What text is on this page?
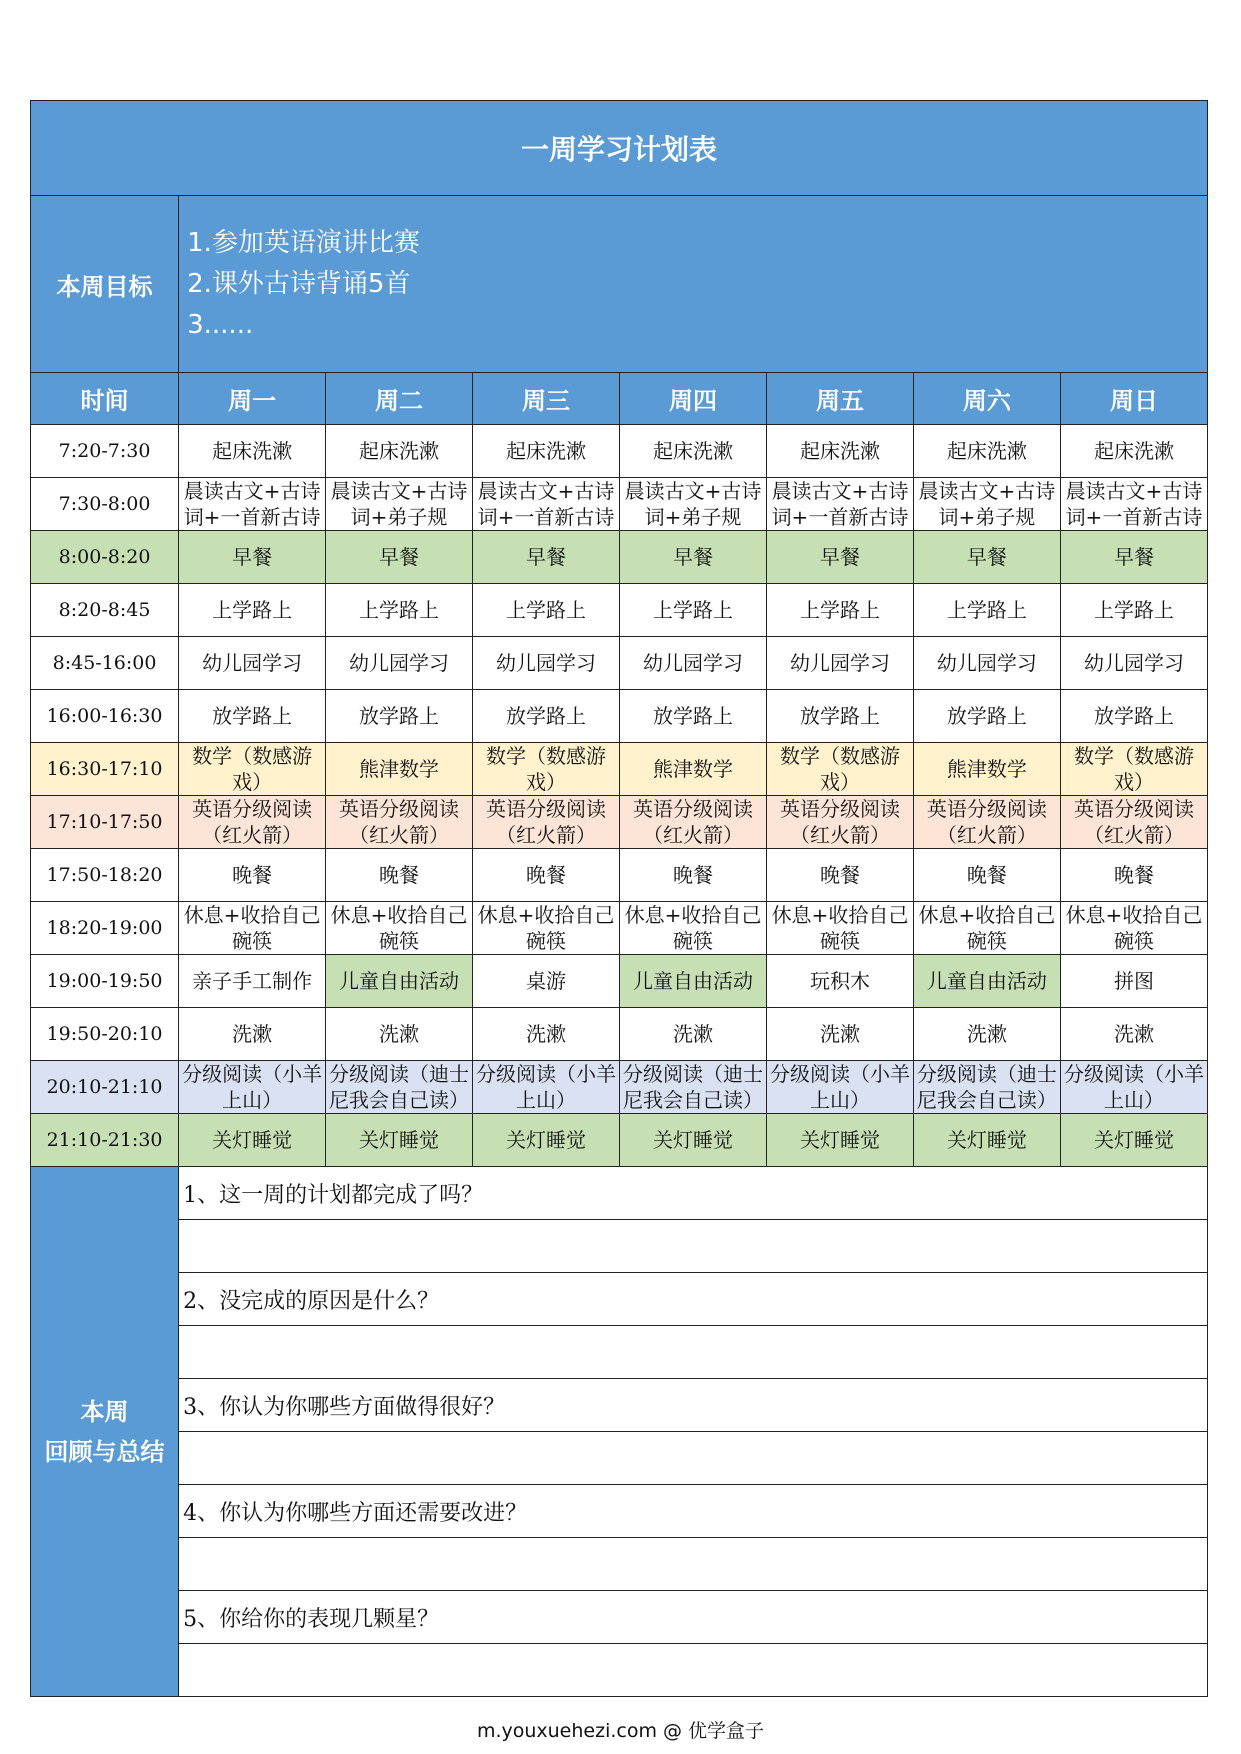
一周学习计划表							
本周目标	1.参加英语演讲比赛
2.课外古诗背诵5首
3......						

时间	周一	周二	周三	周四	周五	周六	周日
7:20-7:30	起床洗漱	起床洗漱	起床洗漱	起床洗漱	起床洗漱	起床洗漱	起床洗漱
7:30-8:00	晨读古文+古诗词+一首新古诗	晨读古文+古诗词+弟子规	晨读古文+古诗词+一首新古诗	晨读古文+古诗词+弟子规	晨读古文+古诗词+一首新古诗	晨读古文+古诗词+弟子规	晨读古文+古诗词+一首新古诗
8:00-8:20	早餐	早餐	早餐	早餐	早餐	早餐	早餐
8:20-8:45	上学路上	上学路上	上学路上	上学路上	上学路上	上学路上	上学路上
8:45-16:00	幼儿园学习	幼儿园学习	幼儿园学习	幼儿园学习	幼儿园学习	幼儿园学习	幼儿园学习
16:00-16:30	放学路上	放学路上	放学路上	放学路上	放学路上	放学路上	放学路上
16:30-17:10	数学（数感游戏）	熊津数学	数学（数感游戏）	熊津数学	数学（数感游戏）	熊津数学	数学（数感游戏）
17:10-17:50	英语分级阅读（红火箭）	英语分级阅读（红火箭）	英语分级阅读（红火箭）	英语分级阅读（红火箭）	英语分级阅读（红火箭）	英语分级阅读（红火箭）	英语分级阅读（红火箭）
17:50-18:20	晚餐	晚餐	晚餐	晚餐	晚餐	晚餐	晚餐
18:20-19:00	休息+收拾自己碗筷	休息+收拾自己碗筷	休息+收拾自己碗筷	休息+收拾自己碗筷	休息+收拾自己碗筷	休息+收拾自己碗筷	休息+收拾自己碗筷
19:00-19:50	亲子手工制作	儿童自由活动	桌游	儿童自由活动	玩积木	儿童自由活动	拼图
19:50-20:10	洗漱	洗漱	洗漱	洗漱	洗漱	洗漱	洗漱
20:10-21:10	分级阅读（小羊上山）	分级阅读（迪士尼我会自己读）	分级阅读（小羊上山）	分级阅读（迪士尼我会自己读）	分级阅读（小羊上山）	分级阅读（迪士尼我会自己读）	分级阅读（小羊上山）
21:10-21:30	关灯睡觉	关灯睡觉	关灯睡觉	关灯睡觉	关灯睡觉	关灯睡觉	关灯睡觉

本周
回顾与总结	1、这一周的计划都完成了吗？						

	2、没完成的原因是什么？						

	3、你认为你哪些方面做得很好？						

	4、你认为你哪些方面还需要改进？						

	5、你给你的表现几颗星？						

m.youxuehezi.com @ 优学盒子
